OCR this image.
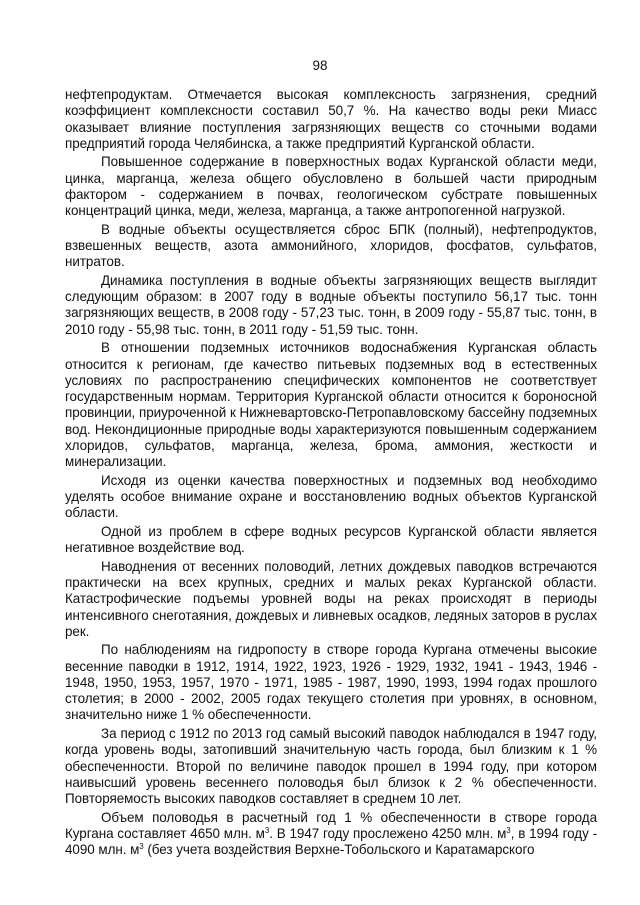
98

нефтепродуктам. Отмечается высокая комплексность загрязнения, средний коэффициент комплексности составил 50,7 %. На качество воды реки Миасс оказывает влияние поступления загрязняющих веществ со сточными водами предприятий города Челябинска, а также предприятий Курганской области.

Повышенное содержание в поверхностных водах Курганской области меди, цинка, марганца, железа общего обусловлено в большей части природным фактором - содержанием в почвах, геологическом субстрате повышенных концентраций цинка, меди, железа, марганца, а также антропогенной нагрузкой.

В водные объекты осуществляется сброс БПК (полный), нефтепродуктов, взвешенных веществ, азота аммонийного, хлоридов, фосфатов, сульфатов, нитратов.

Динамика поступления в водные объекты загрязняющих веществ выглядит следующим образом: в 2007 году в водные объекты поступило 56,17 тыс. тонн загрязняющих веществ, в 2008 году - 57,23 тыс. тонн, в 2009 году - 55,87 тыс. тонн, в 2010 году - 55,98 тыс. тонн, в 2011 году - 51,59 тыс. тонн.

В отношении подземных источников водоснабжения Курганская область относится к регионам, где качество питьевых подземных вод в естественных условиях по распространению специфических компонентов не соответствует государственным нормам. Территория Курганской области относится к бороносной провинции, приуроченной к Нижневартовско-Петропавловскому бассейну подземных вод. Некондиционные природные воды характеризуются повышенным содержанием хлоридов, сульфатов, марганца, железа, брома, аммония, жесткости и минерализации.

Исходя из оценки качества поверхностных и подземных вод необходимо уделять особое внимание охране и восстановлению водных объектов Курганской области.

Одной из проблем в сфере водных ресурсов Курганской области является негативное воздействие вод.

Наводнения от весенних половодий, летних дождевых паводков встречаются практически на всех крупных, средних и малых реках Курганской области. Катастрофические подъемы уровней воды на реках происходят в периоды интенсивного снеготаяния, дождевых и ливневых осадков, ледяных заторов в руслах рек.

По наблюдениям на гидропосту в створе города Кургана отмечены высокие весенние паводки в 1912, 1914, 1922, 1923, 1926 - 1929, 1932, 1941 - 1943, 1946 - 1948, 1950, 1953, 1957, 1970 - 1971, 1985 - 1987, 1990, 1993, 1994 годах прошлого столетия; в 2000 - 2002, 2005 годах текущего столетия при уровнях, в основном, значительно ниже 1 % обеспеченности.

За период с 1912 по 2013 год самый высокий паводок наблюдался в 1947 году, когда уровень воды, затопивший значительную часть города, был близким к 1 % обеспеченности. Второй по величине паводок прошел в 1994 году, при котором наивысший уровень весеннего половодья был близок к 2 % обеспеченности. Повторяемость высоких паводков составляет в среднем 10 лет.

Объем половодья в расчетный год 1 % обеспеченности в створе города Кургана составляет 4650 млн. $м^3$. В 1947 году прослежено 4250 млн. $м^3$, в 1994 году - 4090 млн. $м^3$ (без учета воздействия Верхне-Тобольского и Каратамарского
